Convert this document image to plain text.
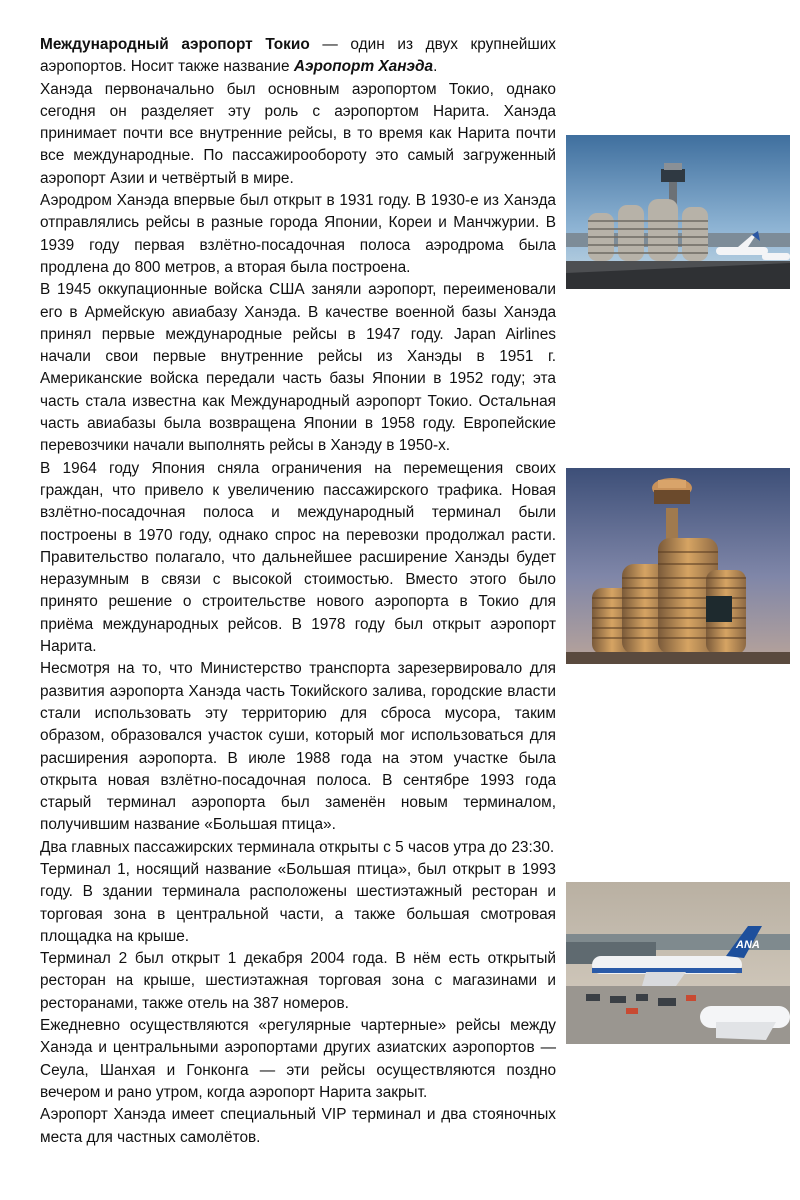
Международный аэропорт Токио — один из двух крупнейших аэропортов. Носит также название Аэропорт Ханэда.

Ханэда первоначально был основным аэропортом Токио, однако сегодня он разделяет эту роль с аэропортом Нарита. Ханэда принимает почти все внутренние рейсы, в то время как Нарита почти все международные. По пассажирообороту это самый загруженный аэропорт Азии и четвёртый в мире.

Аэродром Ханэда впервые был открыт в 1931 году. В 1930-е из Ханэда отправлялись рейсы в разные города Японии, Кореи и Манчжурии. В 1939 году первая взлётно-посадочная полоса аэродрома была продлена до 800 метров, а вторая была построена.

В 1945 оккупационные войска США заняли аэропорт, переименовали его в Армейскую авиабазу Ханэда. В качестве военной базы Ханэда принял первые международные рейсы в 1947 году. Japan Airlines начали свои первые внутренние рейсы из Ханэды в 1951 г. Американские войска передали часть базы Японии в 1952 году; эта часть стала известна как Международный аэропорт Токио. Остальная часть авиабазы была возвращена Японии в 1958 году. Европейские перевозчики начали выполнять рейсы в Ханэду в 1950-х.

В 1964 году Япония сняла ограничения на перемещения своих граждан, что привело к увеличению пассажирского трафика. Новая взлётно-посадочная полоса и международный терминал были построены в 1970 году, однако спрос на перевозки продолжал расти. Правительство полагало, что дальнейшее расширение Ханэды будет неразумным в связи с высокой стоимостью. Вместо этого было принято решение о строительстве нового аэропорта в Токио для приёма международных рейсов. В 1978 году был открыт аэропорт Нарита.

Несмотря на то, что Министерство транспорта зарезервировало для развития аэропорта Ханэда часть Токийского залива, городские власти стали использовать эту территорию для сброса мусора, таким образом, образовался участок суши, который мог использоваться для расширения аэропорта. В июле 1988 года на этом участке была открыта новая взлётно-посадочная полоса. В сентябре 1993 года старый терминал аэропорта был заменён новым терминалом, получившим название «Большая птица».

Два главных пассажирских терминала открыты с 5 часов утра до 23:30.

Терминал 1, носящий название «Большая птица», был открыт в 1993 году. В здании терминала расположены шестиэтажный ресторан и торговая зона в центральной части, а также большая смотровая площадка на крыше.

Терминал 2 был открыт 1 декабря 2004 года. В нём есть открытый ресторан на крыше, шестиэтажная торговая зона с магазинами и ресторанами, также отель на 387 номеров.

Ежедневно осуществляются «регулярные чартерные» рейсы между Ханэда и центральными аэропортами других азиатских аэропортов — Сеула, Шанхая и Гонконга — эти рейсы осуществляются поздно вечером и рано утром, когда аэропорт Нарита закрыт.

Аэропорт Ханэда имеет специальный VIP терминал и два стояночных места для частных самолётов.

ANA
